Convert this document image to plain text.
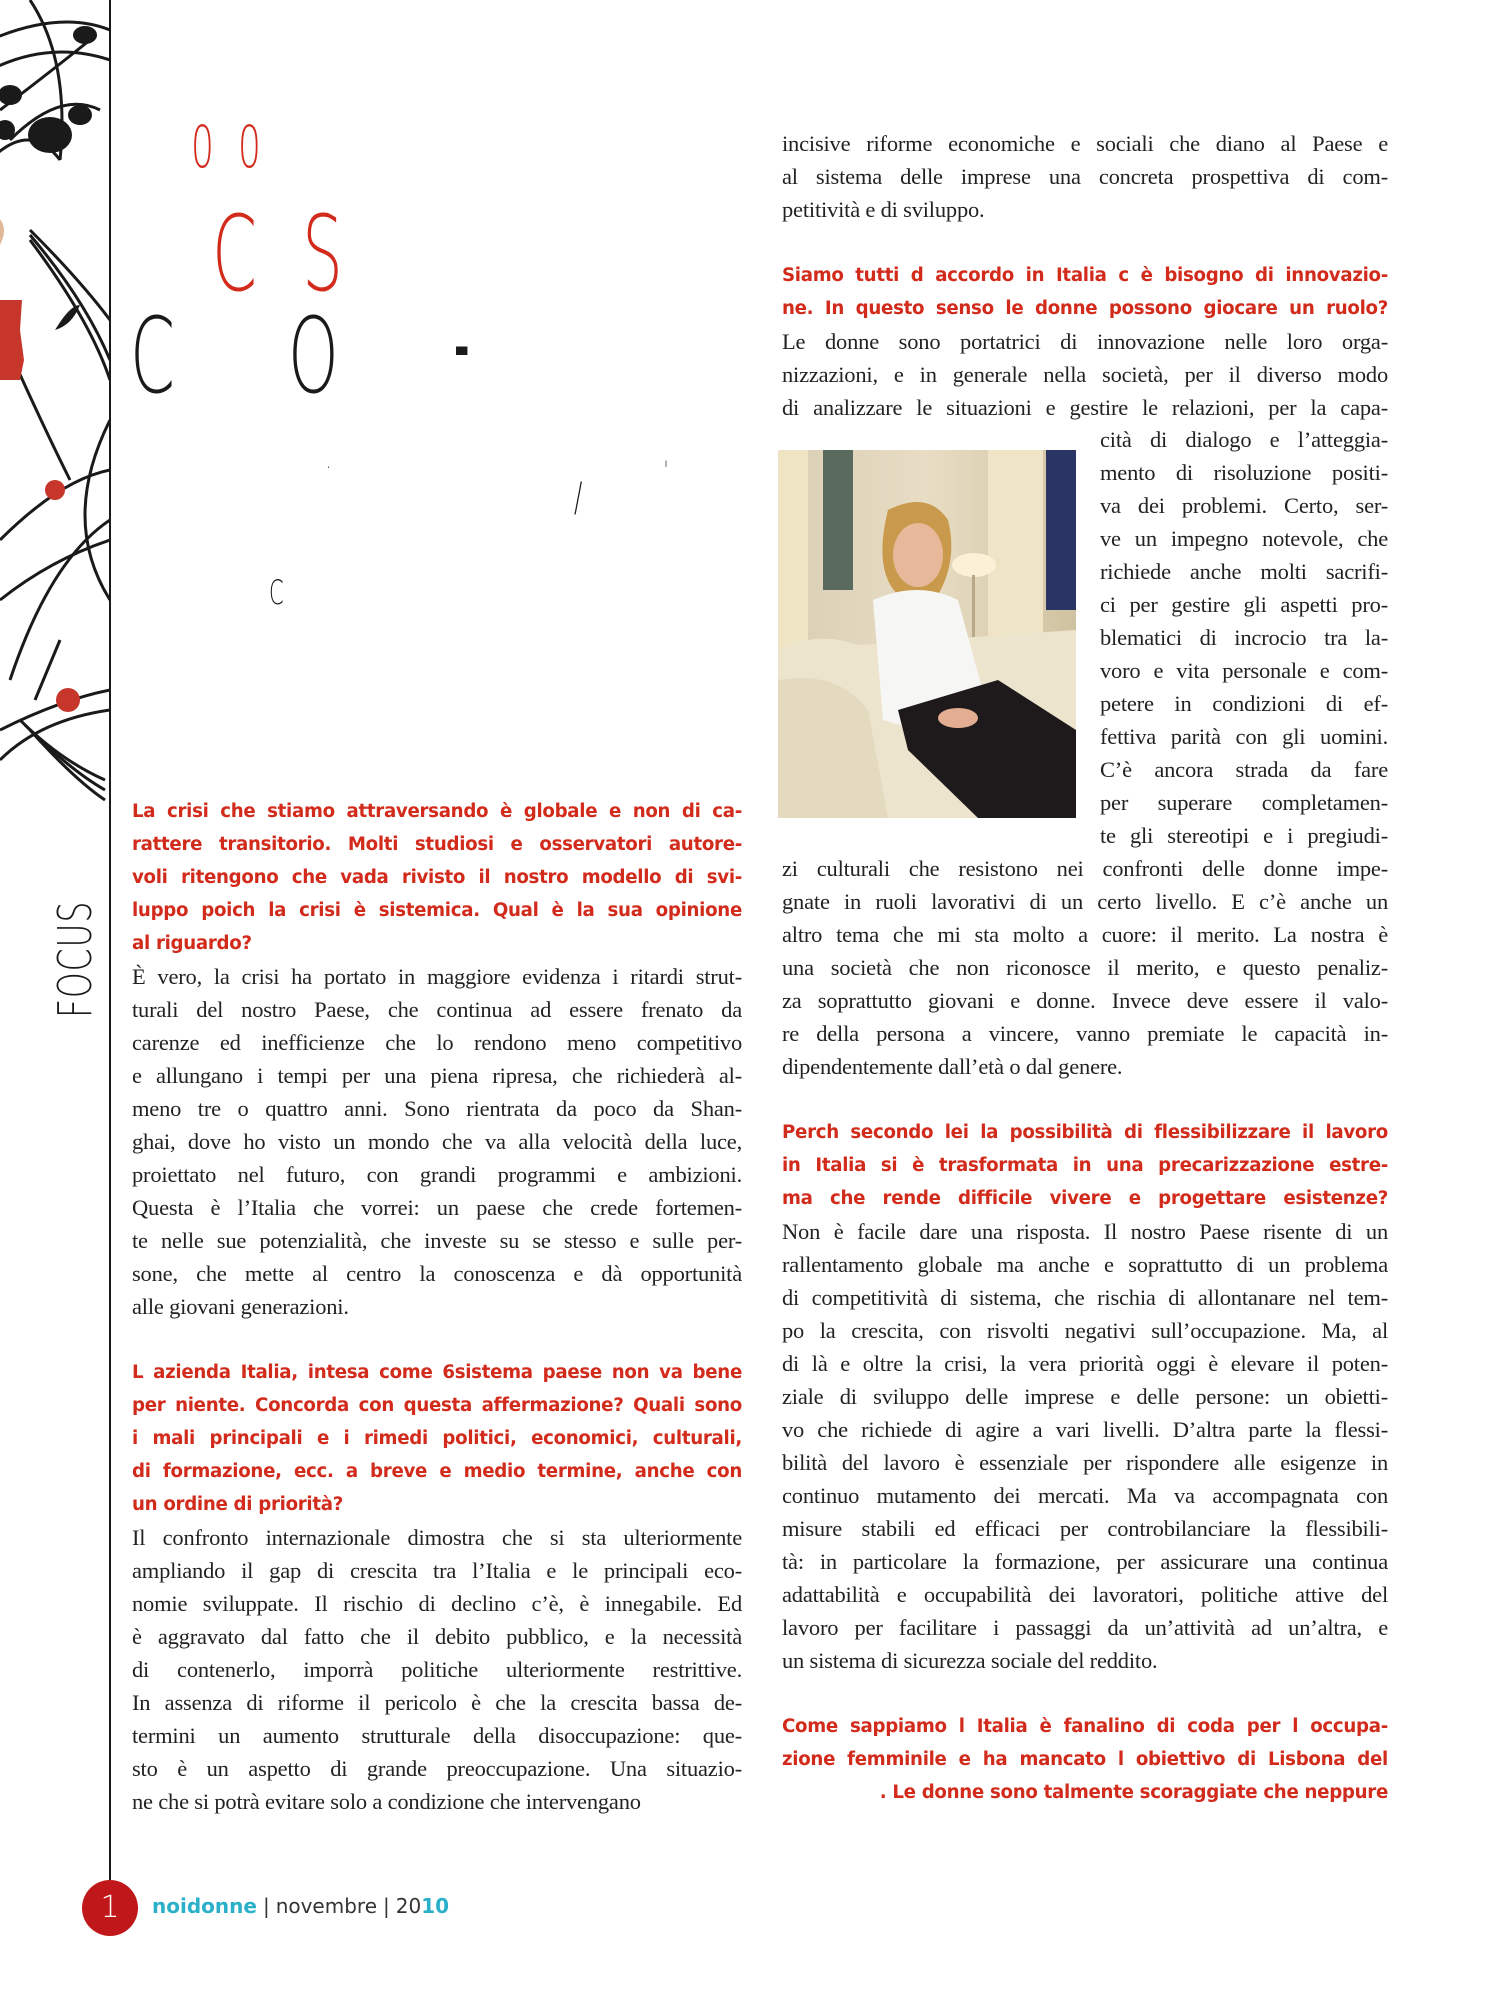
FOCUS
0 0
C S
C O -
.	'
/
C
La crisi che stiamo attraversando è globale e non di ca-
rattere transitorio. Molti studiosi e osservatori autore-
voli ritengono che vada rivisto il nostro modello di svi-
luppo poich la crisi è sistemica. Qual è la sua opinione
al riguardo?
È vero, la crisi ha portato in maggiore evidenza i ritardi strut-
turali del nostro Paese, che continua ad essere frenato da
carenze ed inefficienze che lo rendono meno competitivo
e allungano i tempi per una piena ripresa, che richiederà al-
meno tre o quattro anni. Sono rientrata da poco da Shan-
ghai, dove ho visto un mondo che va alla velocità della luce,
proiettato nel futuro, con grandi programmi e ambizioni.
Questa è l’Italia che vorrei: un paese che crede fortemen-
te nelle sue potenzialità, che investe su se stesso e sulle per-
sone, che mette al centro la conoscenza e dà opportunità
alle giovani generazioni.
L azienda Italia, intesa come 6sistema paese non va bene
per niente. Concorda con questa affermazione? Quali sono
i mali principali e i rimedi politici, economici, culturali,
di formazione, ecc. a breve e medio termine, anche con
un ordine di priorità?
Il confronto internazionale dimostra che si sta ulteriormente
ampliando il gap di crescita tra l’Italia e le principali eco-
nomie sviluppate. Il rischio di declino c’è, è innegabile. Ed
è aggravato dal fatto che il debito pubblico, e la necessità
di contenerlo, imporrà politiche ulteriormente restrittive.
In assenza di riforme il pericolo è che la crescita bassa de-
termini un aumento strutturale della disoccupazione: que-
sto è un aspetto di grande preoccupazione. Una situazio-
ne che si potrà evitare solo a condizione che intervengano
incisive riforme economiche e sociali che diano al Paese e
al sistema delle imprese una concreta prospettiva di com-
petitività e di sviluppo.
Siamo tutti d accordo in Italia c è bisogno di innovazio-
ne. In questo senso le donne possono giocare un ruolo?
Le donne sono portatrici di innovazione nelle loro orga-
nizzazioni, e in generale nella società, per il diverso modo
di analizzare le situazioni e gestire le relazioni, per la capa-
cità di dialogo e l’atteggia-
mento di risoluzione positi-
va dei problemi. Certo, ser-
ve un impegno notevole, che
richiede anche molti sacrifi-
ci per gestire gli aspetti pro-
blematici di incrocio tra la-
voro e vita personale e com-
petere in condizioni di ef-
fettiva parità con gli uomini.
C’è ancora strada da fare
per superare completamen-
te gli stereotipi e i pregiudi-
zi culturali che resistono nei confronti delle donne impe-
gnate in ruoli lavorativi di un certo livello. E c’è anche un
altro tema che mi sta molto a cuore: il merito. La nostra è
una società che non riconosce il merito, e questo penaliz-
za soprattutto giovani e donne. Invece deve essere il valo-
re della persona a vincere, vanno premiate le capacità in-
dipendentemente dall’età o dal genere.
Perch secondo lei la possibilità di flessibilizzare il lavoro
in Italia si è trasformata in una precarizzazione estre-
ma che rende difficile vivere e progettare esistenze?
Non è facile dare una risposta. Il nostro Paese risente di un
rallentamento globale ma anche e soprattutto di un problema
di competitività di sistema, che rischia di allontanare nel tem-
po la crescita, con risvolti negativi sull’occupazione. Ma, al
di là e oltre la crisi, la vera priorità oggi è elevare il poten-
ziale di sviluppo delle imprese e delle persone: un obietti-
vo che richiede di agire a vari livelli. D’altra parte la flessi-
bilità del lavoro è essenziale per rispondere alle esigenze in
continuo mutamento dei mercati. Ma va accompagnata con
misure stabili ed efficaci per controbilanciare la flessibili-
tà: in particolare la formazione, per assicurare una continua
adattabilità e occupabilità dei lavoratori, politiche attive del
lavoro per facilitare i passaggi da un’attività ad un’altra, e
un sistema di sicurezza sociale del reddito.
Come sappiamo l Italia è fanalino di coda per l occupa-
zione femminile e ha mancato l obiettivo di Lisbona del
. Le donne sono talmente scoraggiate che neppure
1	noidonne | novembre | 2010
